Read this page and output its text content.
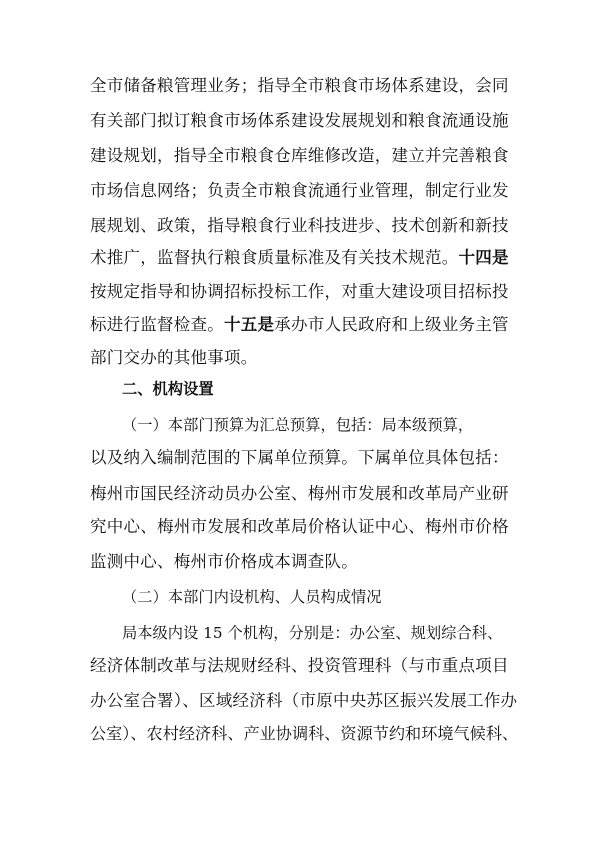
全市储备粮管理业务；指导全市粮食市场体系建设，会同
有关部门拟订粮食市场体系建设发展规划和粮食流通设施
建设规划，指导全市粮食仓库维修改造，建立并完善粮食
市场信息网络；负责全市粮食流通行业管理，制定行业发
展规划、政策，指导粮食行业科技进步、技术创新和新技
术推广，监督执行粮食质量标准及有关技术规范。十四是
按规定指导和协调招标投标工作，对重大建设项目招标投
标进行监督检查。十五是承办市人民政府和上级业务主管
部门交办的其他事项。
二、机构设置
（一）本部门预算为汇总预算，包括：局本级预算，
以及纳入编制范围的下属单位预算。下属单位具体包括：
梅州市国民经济动员办公室、梅州市发展和改革局产业研
究中心、梅州市发展和改革局价格认证中心、梅州市价格
监测中心、梅州市价格成本调查队。
（二）本部门内设机构、人员构成情况
局本级内设 15 个机构，分别是：办公室、规划综合科、
经济体制改革与法规财经科、投资管理科（与市重点项目
办公室合署）、区域经济科（市原中央苏区振兴发展工作办
公室）、农村经济科、产业协调科、资源节约和环境气候科、
